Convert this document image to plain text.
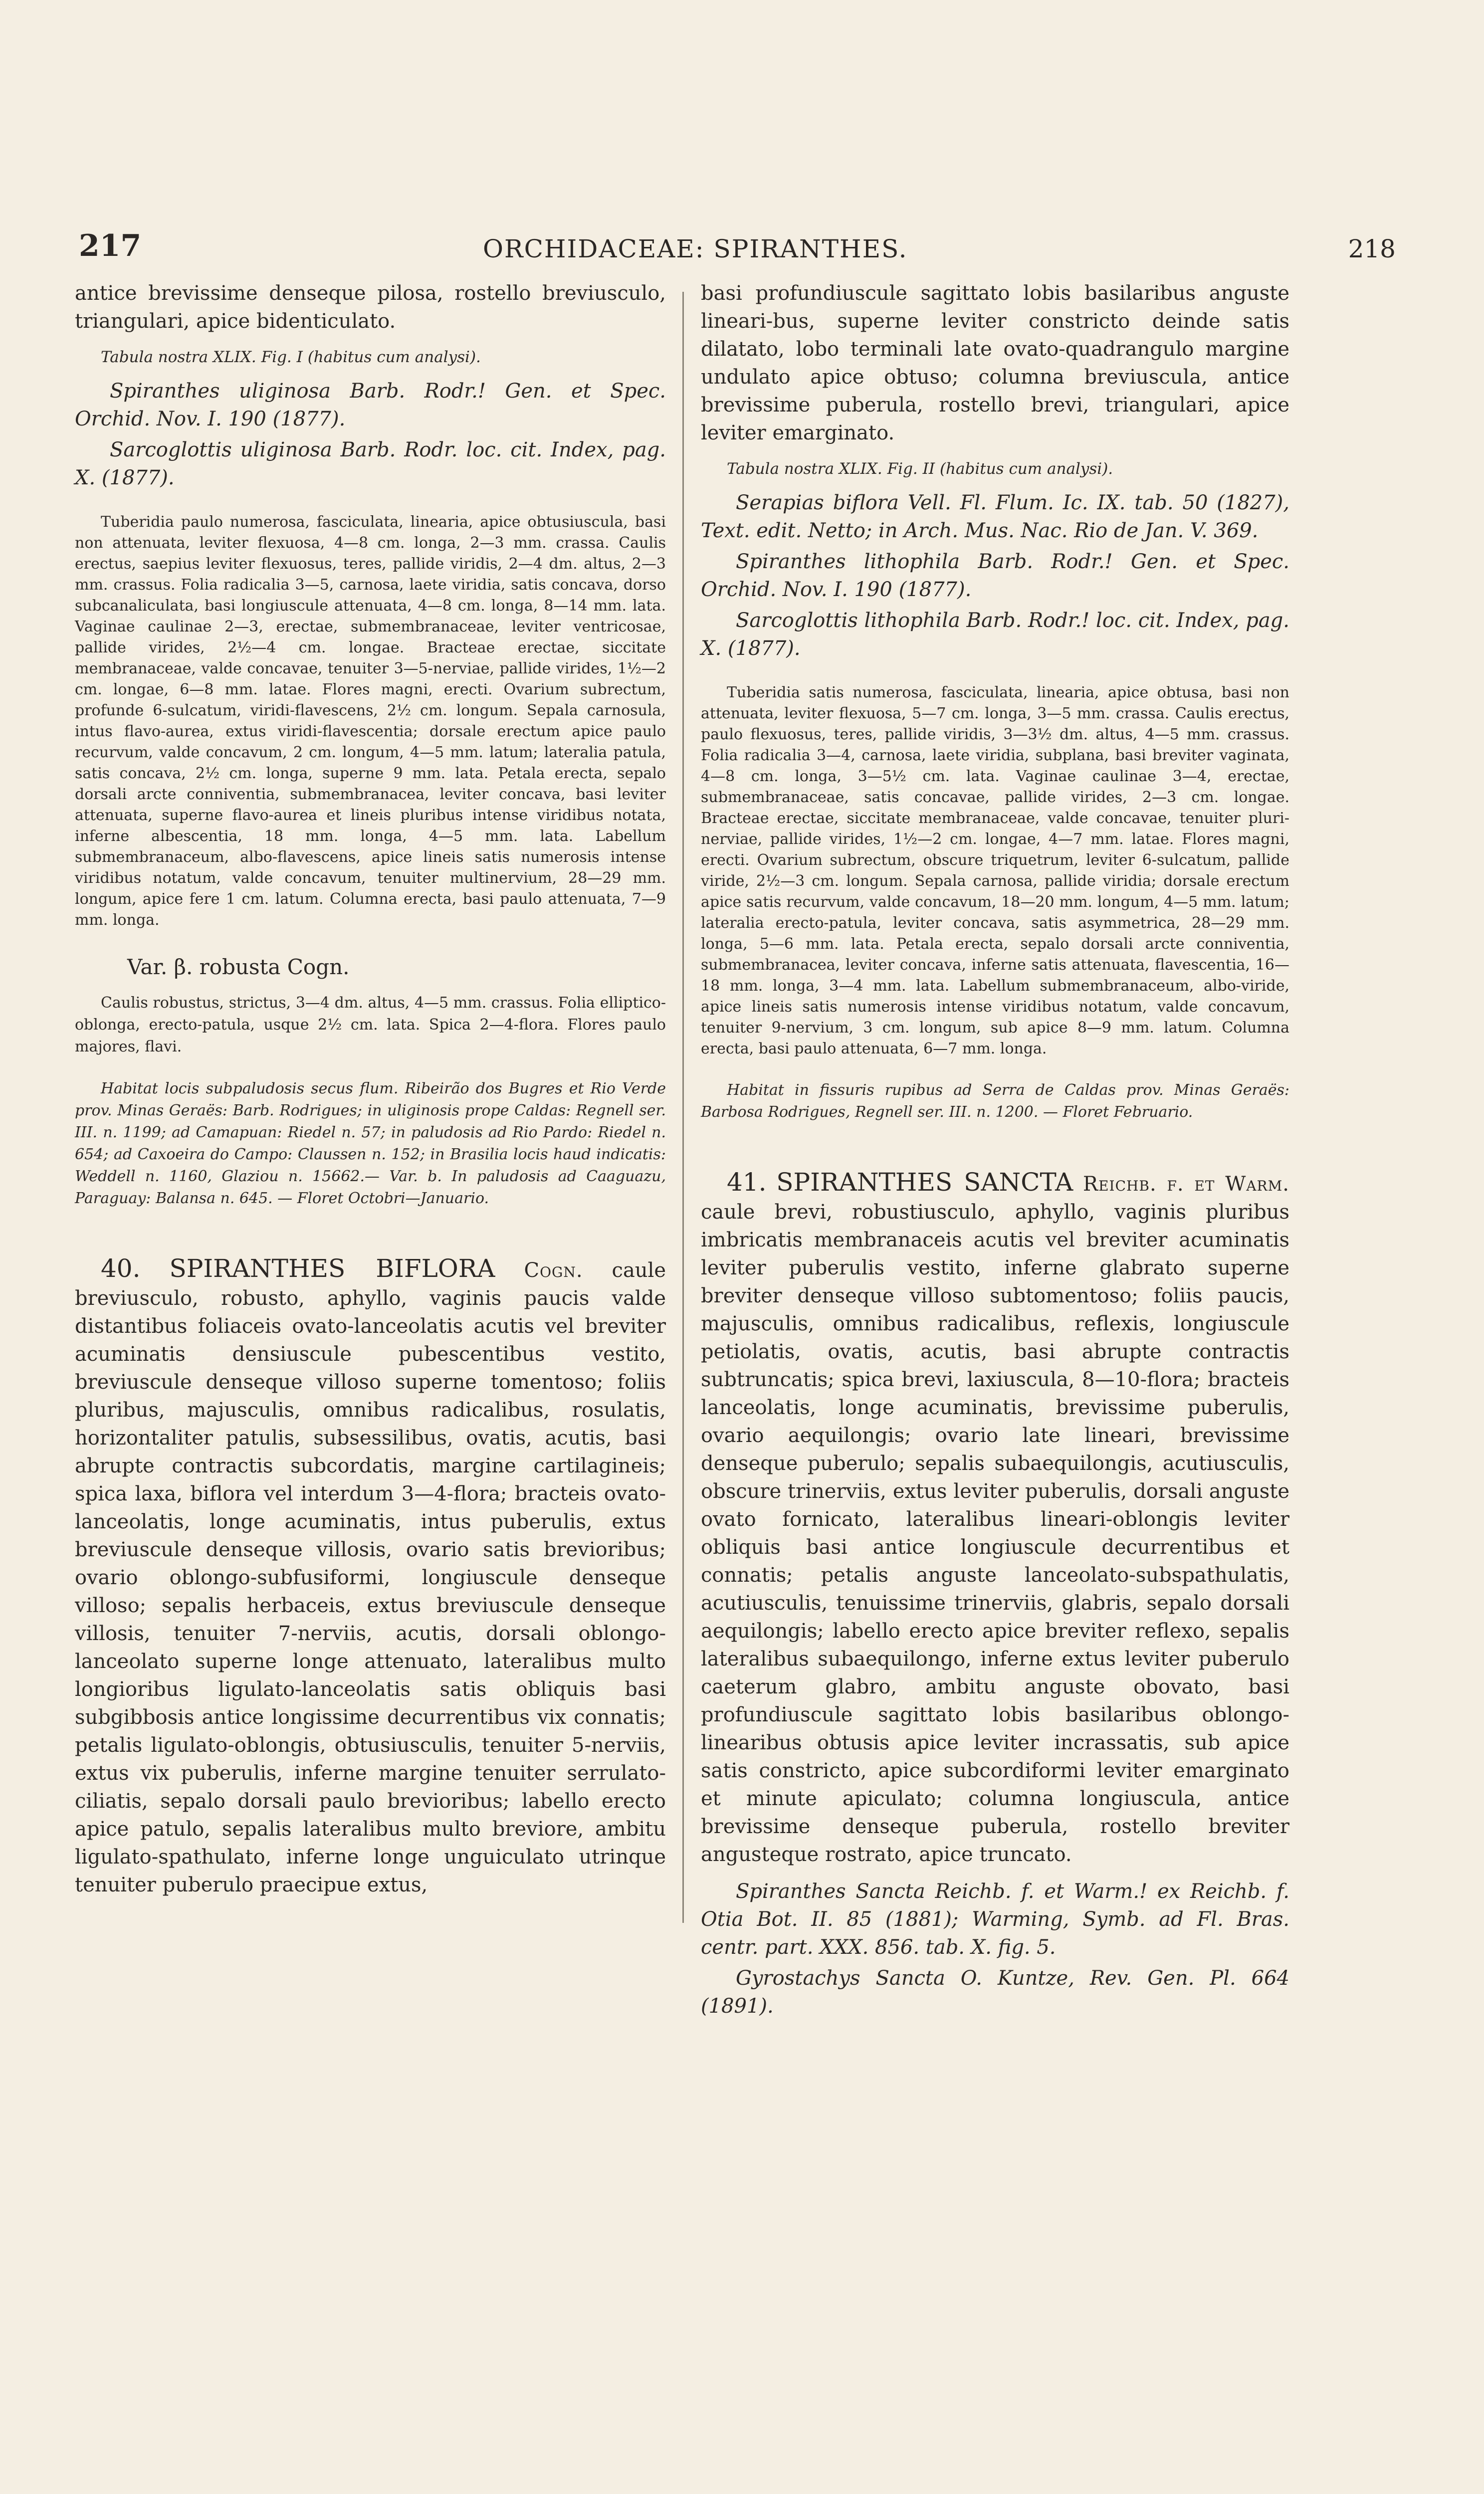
217	ORCHIDACEAE: SPIRANTHES.	218

antice brevissime denseque pilosa, rostello breviusculo, triangulari, apice bidenticulato.

Tabula nostra XLIX. Fig. I (habitus cum analysi).

Spiranthes uliginosa Barb. Rodr.! Gen. et Spec. Orchid. Nov. I. 190 (1877).

Sarcoglottis uliginosa Barb. Rodr. loc. cit. Index, pag. X. (1877).

Tuberidia paulo numerosa, fasciculata, linearia, apice obtusiuscula, basi non attenuata, leviter flexuosa, 4—8 cm. longa, 2—3 mm. crassa. Caulis erectus, saepius leviter flexuosus, teres, pallide viridis, 2—4 dm. altus, 2—3 mm. crassus. Folia radicalia 3—5, carnosa, laete viridia, satis concava, dorso subcanaliculata, basi longiuscule attenuata, 4—8 cm. longa, 8—14 mm. lata. Vaginae caulinae 2—3, erectae, submembranaceae, leviter ventricosae, pallide virides, 2½—4 cm. longae. Bracteae erectae, siccitate membranaceae, valde concavae, tenuiter 3—5-nerviae, pallide virides, 1½—2 cm. longae, 6—8 mm. latae. Flores magni, erecti. Ovarium subrectum, profunde 6-sulcatum, viridi-flavescens, 2½ cm. longum. Sepala carnosula, intus flavo-aurea, extus viridi-flavescentia; dorsale erectum apice paulo recurvum, valde concavum, 2 cm. longum, 4—5 mm. latum; lateralia patula, satis concava, 2½ cm. longa, superne 9 mm. lata. Petala erecta, sepalo dorsali arcte conniventia, submembranacea, leviter concava, basi leviter attenuata, superne flavo-aurea et lineis pluribus intense viridibus notata, inferne albescentia, 18 mm. longa, 4—5 mm. lata. Labellum submembranaceum, albo-flavescens, apice lineis satis numerosis intense viridibus notatum, valde concavum, tenuiter multinervium, 28—29 mm. longum, apice fere 1 cm. latum. Columna erecta, basi paulo attenuata, 7—9 mm. longa.

Var. β. robusta Cogn.

Caulis robustus, strictus, 3—4 dm. altus, 4—5 mm. crassus. Folia elliptico-oblonga, erecto-patula, usque 2½ cm. lata. Spica 2—4-flora. Flores paulo majores, flavi.

Habitat locis subpaludosis secus flum. Ribeirão dos Bugres et Rio Verde prov. Minas Geraës: Barb. Rodrigues; in uliginosis prope Caldas: Regnell ser. III. n. 1199; ad Camapuan: Riedel n. 57; in paludosis ad Rio Pardo: Riedel n. 654; ad Caxoeira do Campo: Claussen n. 152; in Brasilia locis haud indicatis: Weddell n. 1160, Glaziou n. 15662.— Var. b. In paludosis ad Caaguazu, Paraguay: Balansa n. 645. — Floret Octobri—Januario.

40. SPIRANTHES BIFLORA Cogn. caule breviusculo, robusto, aphyllo, vaginis paucis valde distantibus foliaceis ovato-lanceolatis acutis vel breviter acuminatis densiuscule pubescentibus vestito, breviuscule denseque villoso superne tomentoso; foliis pluribus, majusculis, omnibus radicalibus, rosulatis, horizontaliter patulis, subsessilibus, ovatis, acutis, basi abrupte contractis subcordatis, margine cartilagineis; spica laxa, biflora vel interdum 3—4-flora; bracteis ovato-lanceolatis, longe acuminatis, intus puberulis, extus breviuscule denseque villosis, ovario satis brevioribus; ovario oblongo-subfusiformi, longiuscule denseque villoso; sepalis herbaceis, extus breviuscule denseque villosis, tenuiter 7-nerviis, acutis, dorsali oblongo-lanceolato superne longe attenuato, lateralibus multo longioribus ligulato-lanceolatis satis obliquis basi subgibbosis antice longissime decurrentibus vix connatis; petalis ligulato-oblongis, obtusiusculis, tenuiter 5-nerviis, extus vix puberulis, inferne margine tenuiter serrulato-ciliatis, sepalo dorsali paulo brevioribus; labello erecto apice patulo, sepalis lateralibus multo breviore, ambitu ligulato-spathulato, inferne longe unguiculato utrinque tenuiter puberulo praecipue extus,

basi profundiuscule sagittato lobis basilaribus anguste lineari-bus, superne leviter constricto deinde satis dilatato, lobo terminali late ovato-quadrangulo margine undulato apice obtuso; columna breviuscula, antice brevissime puberula, rostello brevi, triangulari, apice leviter emarginato.

Tabula nostra XLIX. Fig. II (habitus cum analysi).

Serapias biflora Vell. Fl. Flum. Ic. IX. tab. 50 (1827), Text. edit. Netto; in Arch. Mus. Nac. Rio de Jan. V. 369.

Spiranthes lithophila Barb. Rodr.! Gen. et Spec. Orchid. Nov. I. 190 (1877).

Sarcoglottis lithophila Barb. Rodr.! loc. cit. Index, pag. X. (1877).

Tuberidia satis numerosa, fasciculata, linearia, apice obtusa, basi non attenuata, leviter flexuosa, 5—7 cm. longa, 3—5 mm. crassa. Caulis erectus, paulo flexuosus, teres, pallide viridis, 3—3½ dm. altus, 4—5 mm. crassus. Folia radicalia 3—4, carnosa, laete viridia, subplana, basi breviter vaginata, 4—8 cm. longa, 3—5½ cm. lata. Vaginae caulinae 3—4, erectae, submembranaceae, satis concavae, pallide virides, 2—3 cm. longae. Bracteae erectae, siccitate membranaceae, valde concavae, tenuiter pluri-nerviae, pallide virides, 1½—2 cm. longae, 4—7 mm. latae. Flores magni, erecti. Ovarium subrectum, obscure triquetrum, leviter 6-sulcatum, pallide viride, 2½—3 cm. longum. Sepala carnosa, pallide viridia; dorsale erectum apice satis recurvum, valde concavum, 18—20 mm. longum, 4—5 mm. latum; lateralia erecto-patula, leviter concava, satis asymmetrica, 28—29 mm. longa, 5—6 mm. lata. Petala erecta, sepalo dorsali arcte conniventia, submembranacea, leviter concava, inferne satis attenuata, flavescentia, 16—18 mm. longa, 3—4 mm. lata. Labellum submembranaceum, albo-viride, apice lineis satis numerosis intense viridibus notatum, valde concavum, tenuiter 9-nervium, 3 cm. longum, sub apice 8—9 mm. latum. Columna erecta, basi paulo attenuata, 6—7 mm. longa.

Habitat in fissuris rupibus ad Serra de Caldas prov. Minas Geraës: Barbosa Rodrigues, Regnell ser. III. n. 1200. — Floret Februario.

41. SPIRANTHES SANCTA Reichb. f. et Warm. caule brevi, robustiusculo, aphyllo, vaginis pluribus imbricatis membranaceis acutis vel breviter acuminatis leviter puberulis vestito, inferne glabrato superne breviter denseque villoso subtomentoso; foliis paucis, majusculis, omnibus radicalibus, reflexis, longiuscule petiolatis, ovatis, acutis, basi abrupte contractis subtruncatis; spica brevi, laxiuscula, 8—10-flora; bracteis lanceolatis, longe acuminatis, brevissime puberulis, ovario aequilongis; ovario late lineari, brevissime denseque puberulo; sepalis subaequilongis, acutiusculis, obscure trinerviis, extus leviter puberulis, dorsali anguste ovato fornicato, lateralibus lineari-oblongis leviter obliquis basi antice longiuscule decurrentibus et connatis; petalis anguste lanceolato-subspathulatis, acutiusculis, tenuissime trinerviis, glabris, sepalo dorsali aequilongis; labello erecto apice breviter reflexo, sepalis lateralibus subaequilongo, inferne extus leviter puberulo caeterum glabro, ambitu anguste obovato, basi profundiuscule sagittato lobis basilaribus oblongo-linearibus obtusis apice leviter incrassatis, sub apice satis constricto, apice subcordiformi leviter emarginato et minute apiculato; columna longiuscula, antice brevissime denseque puberula, rostello breviter angusteque rostrato, apice truncato.

Spiranthes Sancta Reichb. f. et Warm.! ex Reichb. f. Otia Bot. II. 85 (1881); Warming, Symb. ad Fl. Bras. centr. part. XXX. 856. tab. X. fig. 5.

Gyrostachys Sancta O. Kuntze, Rev. Gen. Pl. 664 (1891).
